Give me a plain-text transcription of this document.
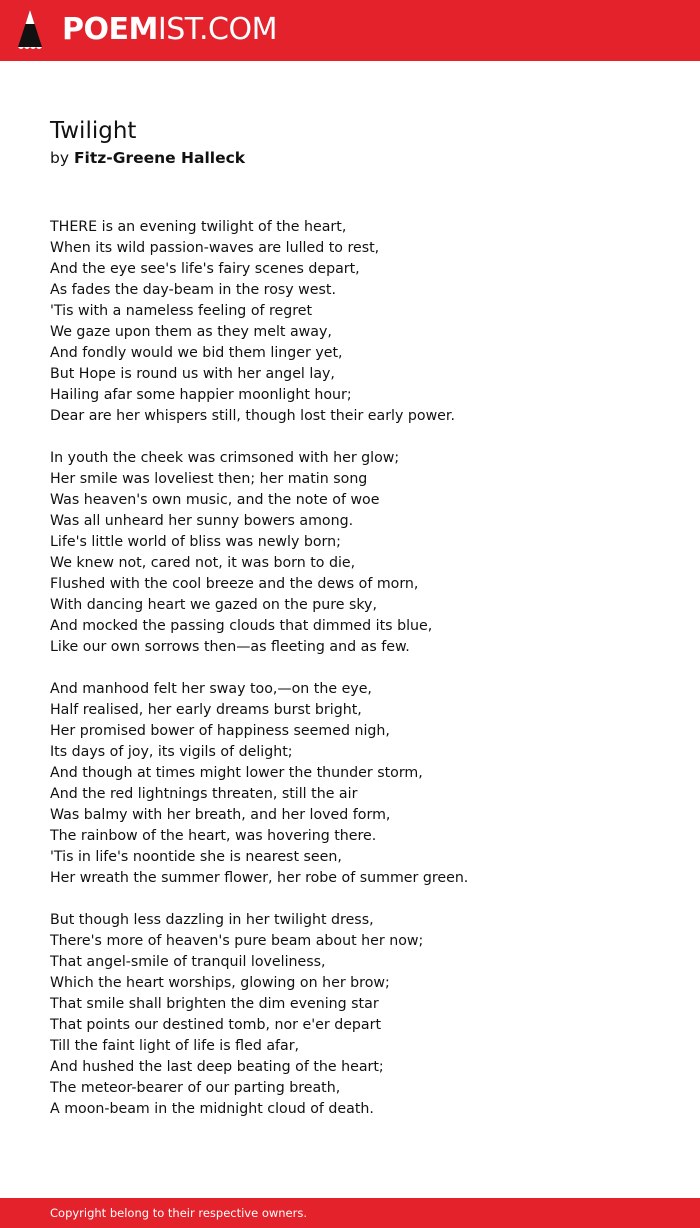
POEMIST.COM
Twilight
by Fitz-Greene Halleck
THERE is an evening twilight of the heart,
When its wild passion-waves are lulled to rest,
And the eye see's life's fairy scenes depart,
As fades the day-beam in the rosy west.
'Tis with a nameless feeling of regret
We gaze upon them as they melt away,
And fondly would we bid them linger yet,
But Hope is round us with her angel lay,
Hailing afar some happier moonlight hour;
Dear are her whispers still, though lost their early power.
In youth the cheek was crimsoned with her glow;
Her smile was loveliest then; her matin song
Was heaven's own music, and the note of woe
Was all unheard her sunny bowers among.
Life's little world of bliss was newly born;
We knew not, cared not, it was born to die,
Flushed with the cool breeze and the dews of morn,
With dancing heart we gazed on the pure sky,
And mocked the passing clouds that dimmed its blue,
Like our own sorrows then—as fleeting and as few.
And manhood felt her sway too,—on the eye,
Half realised, her early dreams burst bright,
Her promised bower of happiness seemed nigh,
Its days of joy, its vigils of delight;
And though at times might lower the thunder storm,
And the red lightnings threaten, still the air
Was balmy with her breath, and her loved form,
The rainbow of the heart, was hovering there.
'Tis in life's noontide she is nearest seen,
Her wreath the summer flower, her robe of summer green.
But though less dazzling in her twilight dress,
There's more of heaven's pure beam about her now;
That angel-smile of tranquil loveliness,
Which the heart worships, glowing on her brow;
That smile shall brighten the dim evening star
That points our destined tomb, nor e'er depart
Till the faint light of life is fled afar,
And hushed the last deep beating of the heart;
The meteor-bearer of our parting breath,
A moon-beam in the midnight cloud of death.
Copyright belong to their respective owners.
